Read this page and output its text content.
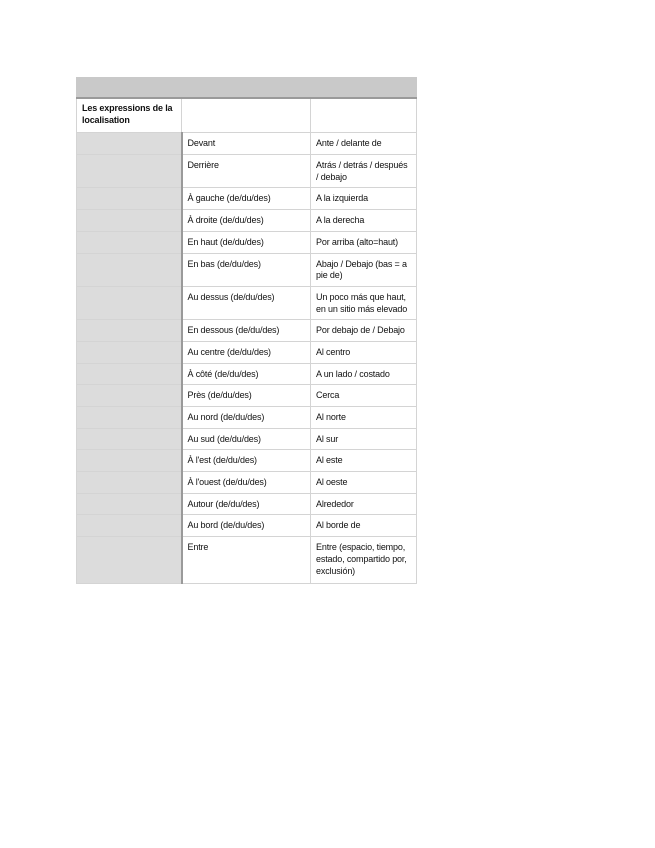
Les expressions de la localisation		
	Devant	Ante / delante de
	Derrière	Atrás / detrás / después / debajo
	À gauche (de/du/des)	A la izquierda
	À droite (de/du/des)	A la derecha
	En haut (de/du/des)	Por arriba (alto=haut)
	En bas (de/du/des)	Abajo / Debajo (bas = a pie de)
	Au dessus (de/du/des)	Un poco más que haut, en un sitio más elevado
	En dessous (de/du/des)	Por debajo de / Debajo
	Au centre (de/du/des)	Al centro
	À côté (de/du/des)	A un lado / costado
	Près (de/du/des)	Cerca
	Au nord (de/du/des)	Al norte
	Au sud (de/du/des)	Al sur
	À l'est (de/du/des)	Al este
	À l'ouest (de/du/des)	Al oeste
	Autour (de/du/des)	Alrededor
	Au bord (de/du/des)	Al borde de
	Entre	Entre (espacio, tiempo, estado, compartido por, exclusión)
